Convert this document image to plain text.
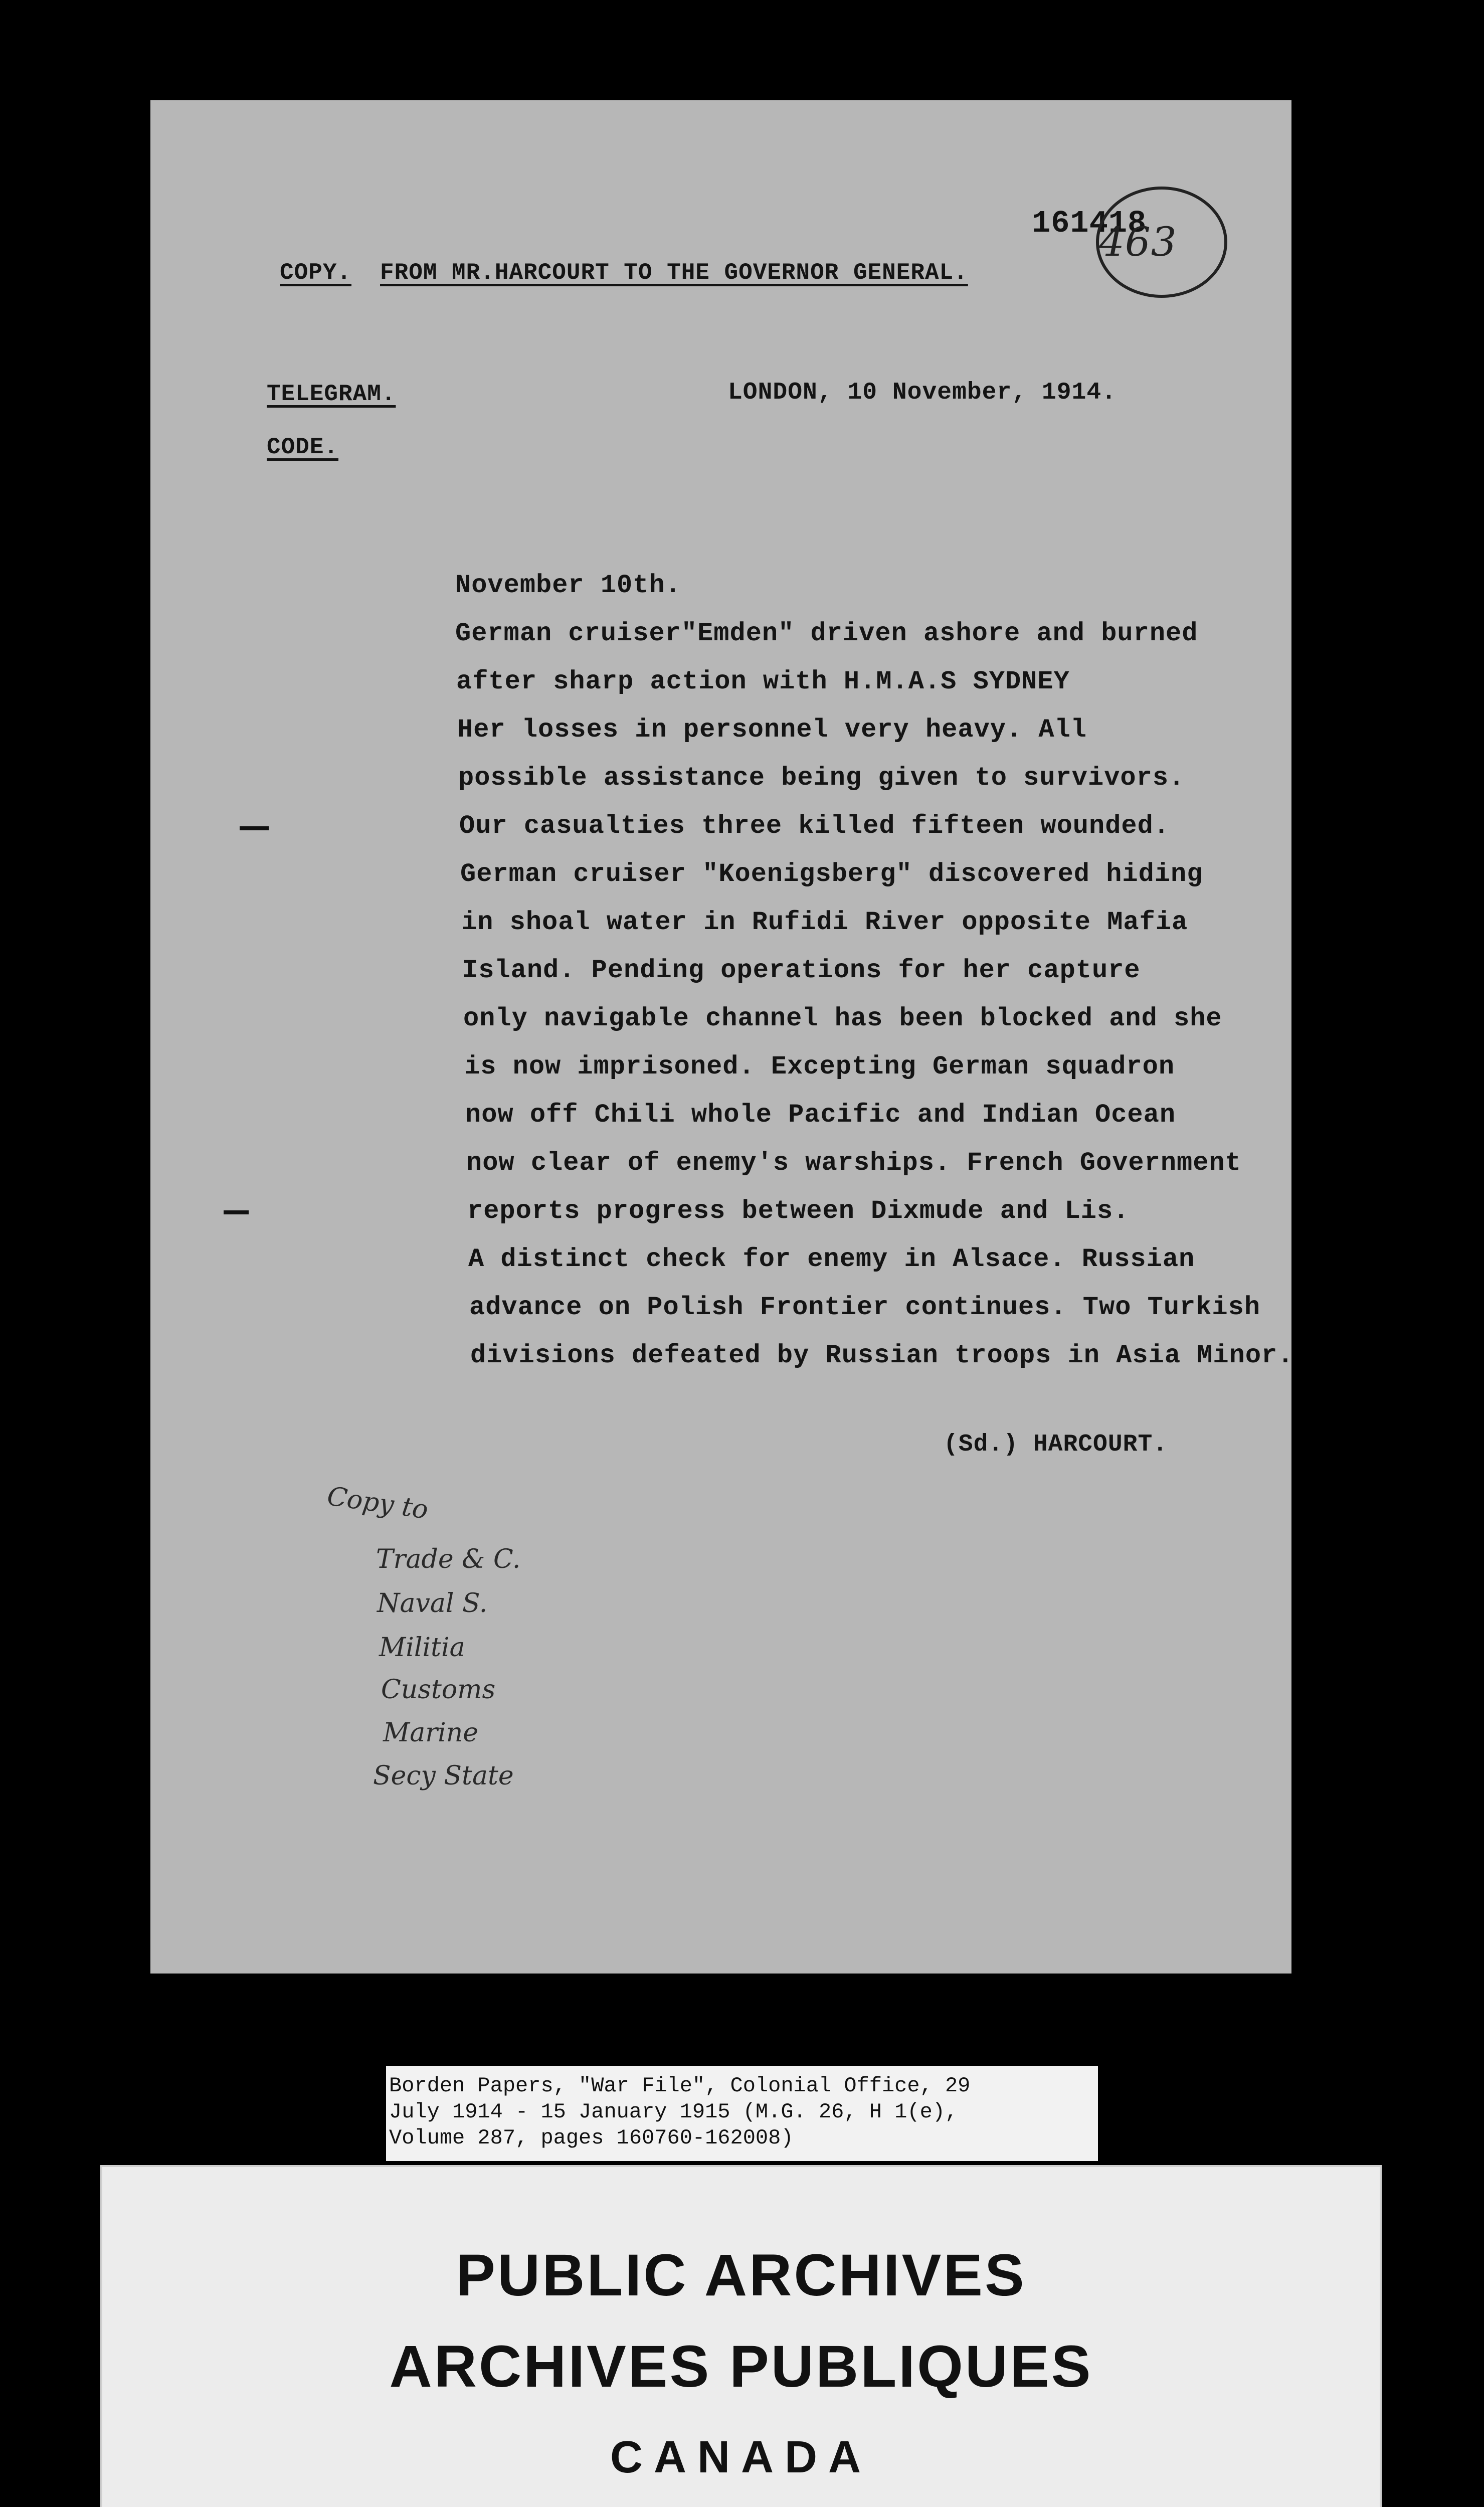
161418
463
COPY. FROM MR.HARCOURT TO THE GOVERNOR GENERAL.
TELEGRAM.
CODE.
LONDON, 10 November, 1914.
November 10th.
German cruiser"Emden" driven ashore and burned
after sharp action with H.M.A.S SYDNEY
Her losses in personnel very heavy. All
possible assistance being given to survivors.
Our casualties three killed fifteen wounded.
German cruiser "Koenigsberg" discovered hiding
in shoal water in Rufidi River opposite Mafia
Island. Pending operations for her capture
only navigable channel has been blocked and she
is now imprisoned. Excepting German squadron
now off Chili whole Pacific and Indian Ocean
now clear of enemy's warships. French Government
reports progress between Dixmude and Lis.
A distinct check for enemy in Alsace. Russian
advance on Polish Frontier continues. Two Turkish
divisions defeated by Russian troops in Asia Minor.
(Sd.) HARCOURT.
Copy to
Trade & C.
Naval S.
Militia
Customs
Marine
Secy State
Borden Papers, "War File", Colonial Office, 29
July 1914 - 15 January 1915 (M.G. 26, H 1(e),
Volume 287, pages 160760-162008)
PUBLIC ARCHIVES
ARCHIVES PUBLIQUES
CANADA
